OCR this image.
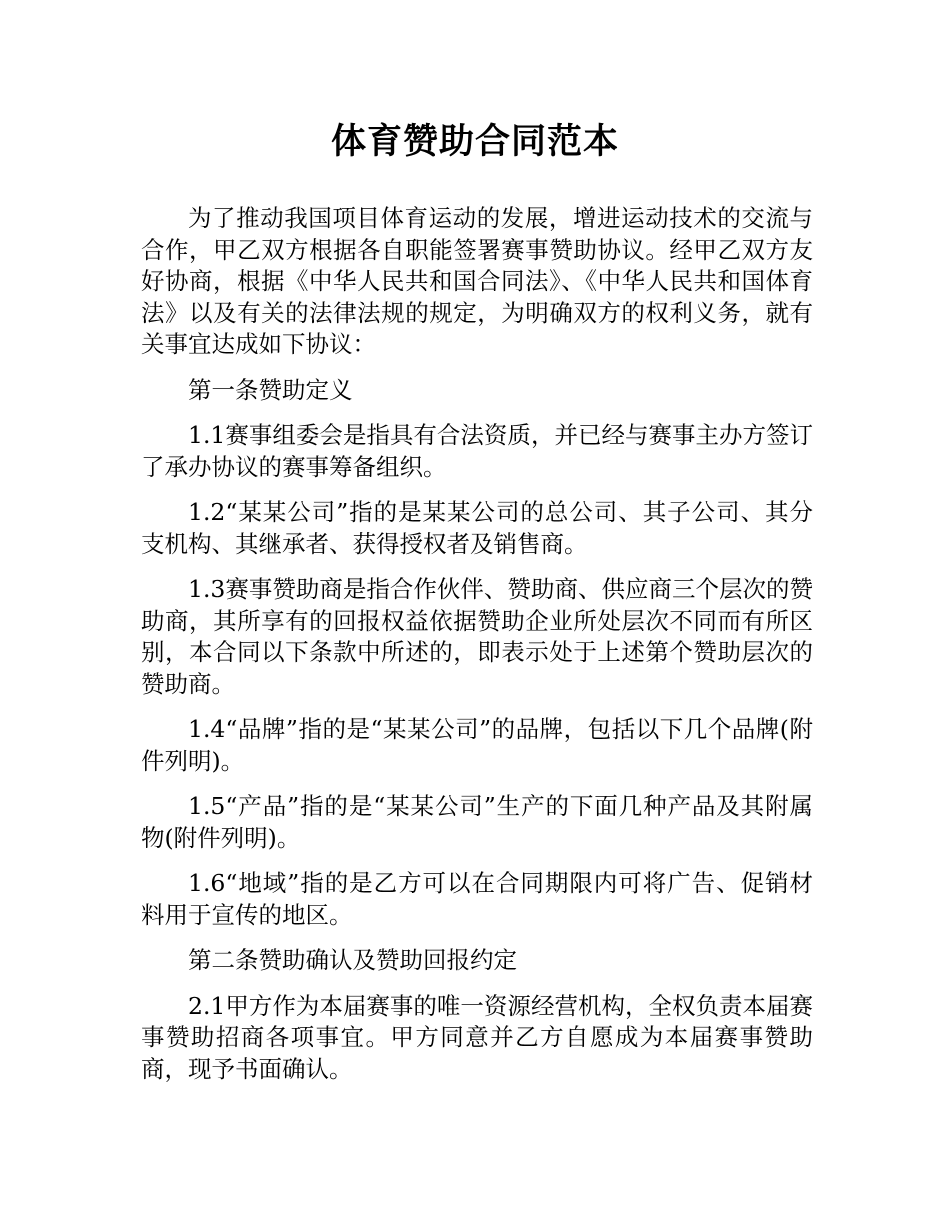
体育赞助合同范本

为了推动我国项目体育运动的发展，增进运动技术的交流与合作，甲乙双方根据各自职能签署赛事赞助协议。经甲乙双方友好协商，根据《中华人民共和国合同法》、《中华人民共和国体育法》以及有关的法律法规的规定，为明确双方的权利义务，就有关事宜达成如下协议：

第一条赞助定义

1.1赛事组委会是指具有合法资质，并已经与赛事主办方签订了承办协议的赛事筹备组织。

1.2“某某公司”指的是某某公司的总公司、其子公司、其分支机构、其继承者、获得授权者及销售商。

1.3赛事赞助商是指合作伙伴、赞助商、供应商三个层次的赞助商，其所享有的回报权益依据赞助企业所处层次不同而有所区别，本合同以下条款中所述的，即表示处于上述第个赞助层次的赞助商。

1.4“品牌”指的是“某某公司”的品牌，包括以下几个品牌(附件列明)。

1.5“产品”指的是“某某公司”生产的下面几种产品及其附属物(附件列明)。

1.6“地域”指的是乙方可以在合同期限内可将广告、促销材料用于宣传的地区。

第二条赞助确认及赞助回报约定

2.1甲方作为本届赛事的唯一资源经营机构，全权负责本届赛事赞助招商各项事宜。甲方同意并乙方自愿成为本届赛事赞助商，现予书面确认。
